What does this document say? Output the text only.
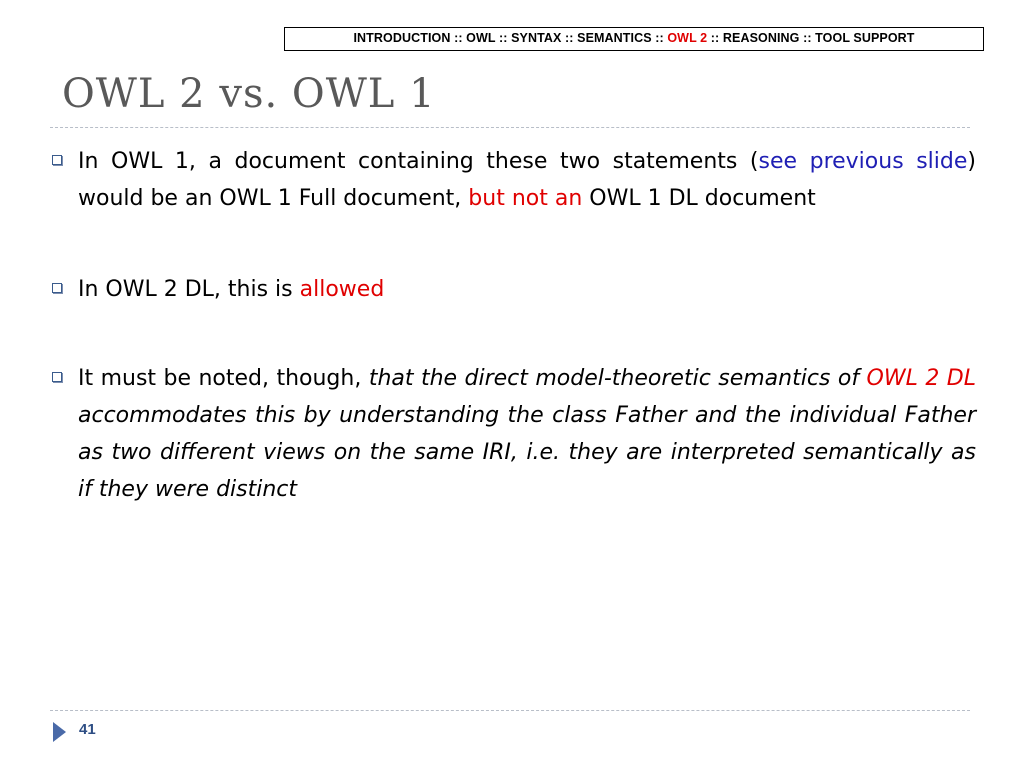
INTRODUCTION :: OWL :: SYNTAX :: SEMANTICS :: OWL 2 :: REASONING :: TOOL SUPPORT
OWL 2 vs. OWL 1
In OWL 1, a document containing these two statements (see previous slide) would be an OWL 1 Full document, but not an OWL 1 DL document
In OWL 2 DL, this is allowed
It must be noted, though, that the direct model-theoretic semantics of OWL 2 DL accommodates this by understanding the class Father and the individual Father as two different views on the same IRI, i.e. they are interpreted semantically as if they were distinct
41
